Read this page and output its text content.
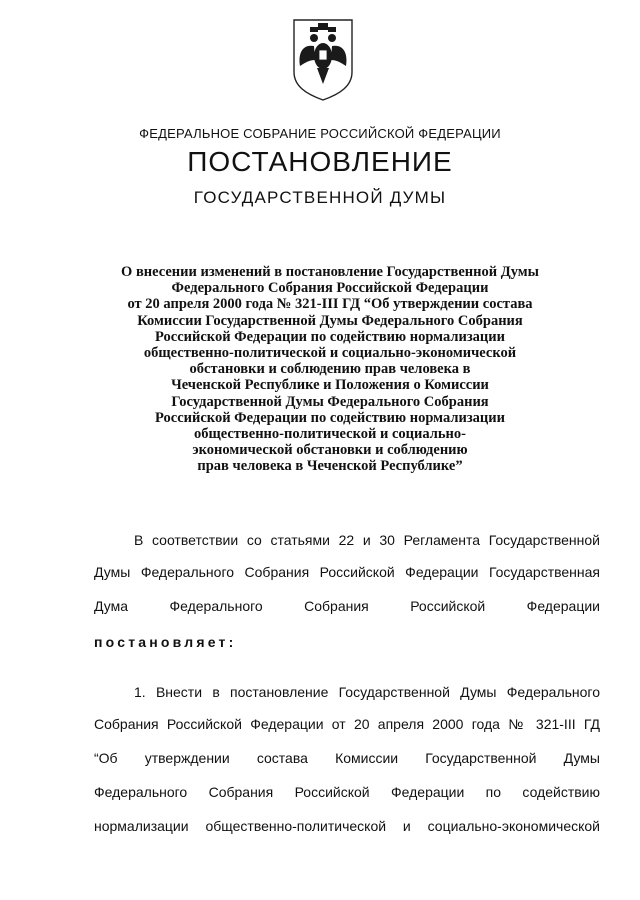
ФЕДЕРАЛЬНОЕ СОБРАНИЕ РОССИЙСКОЙ ФЕДЕРАЦИИ
ПОСТАНОВЛЕНИЕ
ГОСУДАРСТВЕННОЙ ДУМЫ
О внесении изменений в постановление Государственной Думы
Федерального Собрания Российской Федерации
от 20 апреля 2000 года № 321-III ГД “Об утверждении состава
Комиссии Государственной Думы Федерального Собрания
Российской Федерации по содействию нормализации
общественно-политической и социально-экономической
обстановки и соблюдению прав человека в
Чеченской Республике и Положения о Комиссии
Государственной Думы Федерального Собрания
Российской Федерации по содействию нормализации
общественно-политической и социально-
экономической обстановки и соблюдению
прав человека в Чеченской Республике”
В соответствии со статьями 22 и 30 Регламента Государственной
Думы Федерального Собрания Российской Федерации Государственная
Дума Федерального Собрания Российской Федерации
постановляет:
1. Внести в постановление Государственной Думы Федерального
Собрания Российской Федерации от 20 апреля 2000 года № 321-III ГД
“Об утверждении состава Комиссии Государственной Думы
Федерального Собрания Российской Федерации по содействию
нормализации общественно-политической и социально-экономической
